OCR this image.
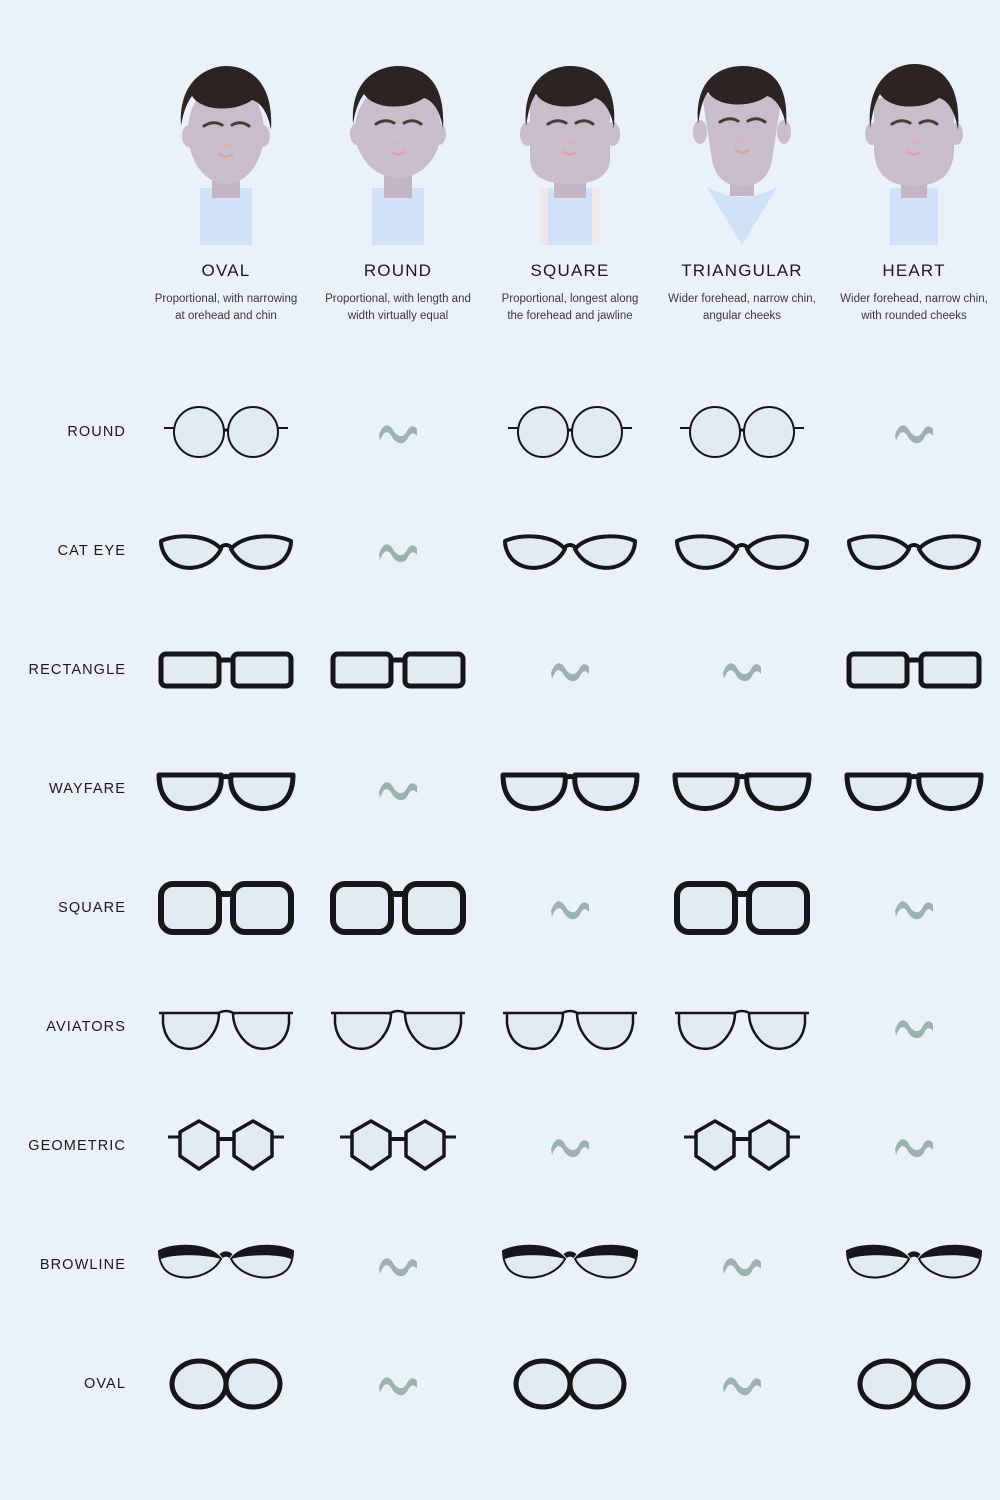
OVAL
Proportional, with narrowing at orehead and chin
ROUND
Proportional, with length and width virtually equal
SQUARE
Proportional, longest along the forehead and jawline
TRIANGULAR
Wider forehead, narrow chin, angular cheeks
HEART
Wider forehead, narrow chin, with rounded cheeks
ROUND
CAT EYE
RECTANGLE
WAYFARE
SQUARE
AVIATORS
GEOMETRIC
BROWLINE
OVAL
